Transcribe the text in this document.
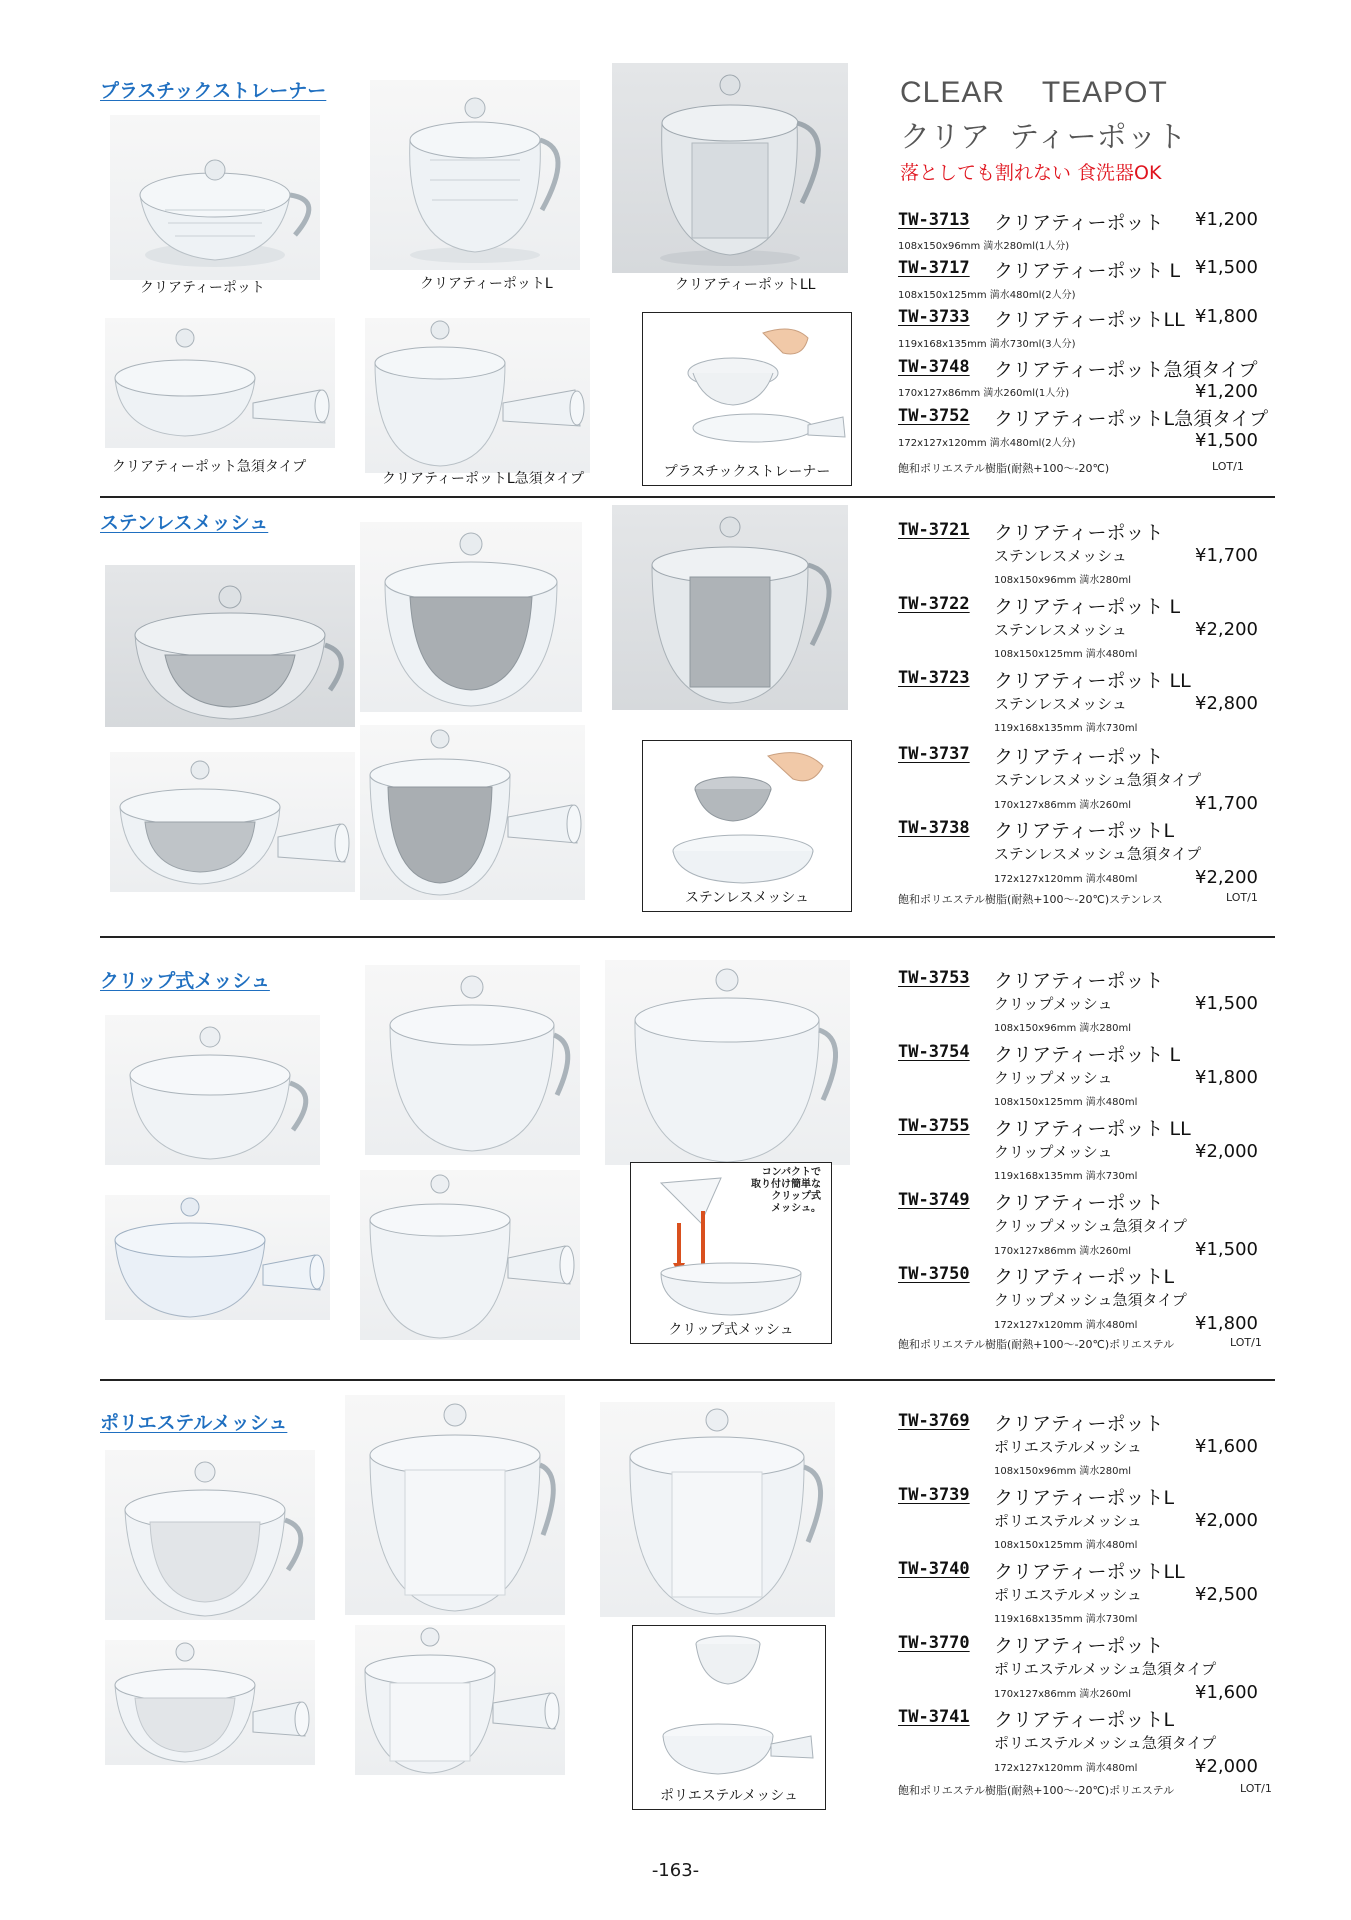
CLEAR    TEAPOT
クリア  ティーポット
落としても割れない 食洗器OK
プラスチックストレーナー
クリアティーポット	クリアティーポットL	クリアティーポットLL
クリアティーポット急須タイプ
クリアティーポットL急須タイプ	プラスチックストレーナー
TW-3713 クリアティーポット ¥1,200
108x150x96mm 満水280ml(1人分)
TW-3717 クリアティーポット L ¥1,500
108x150x125mm 満水480ml(2人分)
TW-3733 クリアティーポットLL ¥1,800
119x168x135mm 満水730ml(3人分)
TW-3748 クリアティーポット急須タイプ
170x127x86mm 満水260ml(1人分)	¥1,200
TW-3752 クリアティーポットL急須タイプ
172x127x120mm 満水480ml(2人分)	¥1,500
飽和ポリエステル樹脂(耐熱+100～-20℃)	LOT/1
ステンレスメッシュ
ステンレスメッシュ
TW-3721 クリアティーポット
ステンレスメッシュ	¥1,700
108x150x96mm 満水280ml
TW-3722 クリアティーポット L
ステンレスメッシュ	¥2,200
108x150x125mm 満水480ml
TW-3723 クリアティーポット LL
ステンレスメッシュ	¥2,800
119x168x135mm 満水730ml
TW-3737 クリアティーポット
ステンレスメッシュ急須タイプ
170x127x86mm 満水260ml	¥1,700
TW-3738 クリアティーポットL
ステンレスメッシュ急須タイプ
172x127x120mm 満水480ml	¥2,200
飽和ポリエステル樹脂(耐熱+100～-20℃)ステンレス	LOT/1
クリップ式メッシュ
コンパクトで
取り付け簡単な
クリップ式
メッシュ。
クリップ式メッシュ
TW-3753 クリアティーポット
クリップメッシュ	¥1,500
108x150x96mm 満水280ml
TW-3754 クリアティーポット L
クリップメッシュ	¥1,800
108x150x125mm 満水480ml
TW-3755 クリアティーポット LL
クリップメッシュ	¥2,000
119x168x135mm 満水730ml
TW-3749 クリアティーポット
クリップメッシュ急須タイプ
170x127x86mm 満水260ml	¥1,500
TW-3750 クリアティーポットL
クリップメッシュ急須タイプ
172x127x120mm 満水480ml	¥1,800
飽和ポリエステル樹脂(耐熱+100～-20℃)ポリエステル	LOT/1
ポリエステルメッシュ
ポリエステルメッシュ
TW-3769 クリアティーポット
ポリエステルメッシュ	¥1,600
108x150x96mm 満水280ml
TW-3739 クリアティーポットL
ポリエステルメッシュ	¥2,000
108x150x125mm 満水480ml
TW-3740 クリアティーポットLL
ポリエステルメッシュ	¥2,500
119x168x135mm 満水730ml
TW-3770 クリアティーポット
ポリエステルメッシュ急須タイプ
170x127x86mm 満水260ml	¥1,600
TW-3741 クリアティーポットL
ポリエステルメッシュ急須タイプ
172x127x120mm 満水480ml	¥2,000
飽和ポリエステル樹脂(耐熱+100～-20℃)ポリエステル	LOT/1
-163-
